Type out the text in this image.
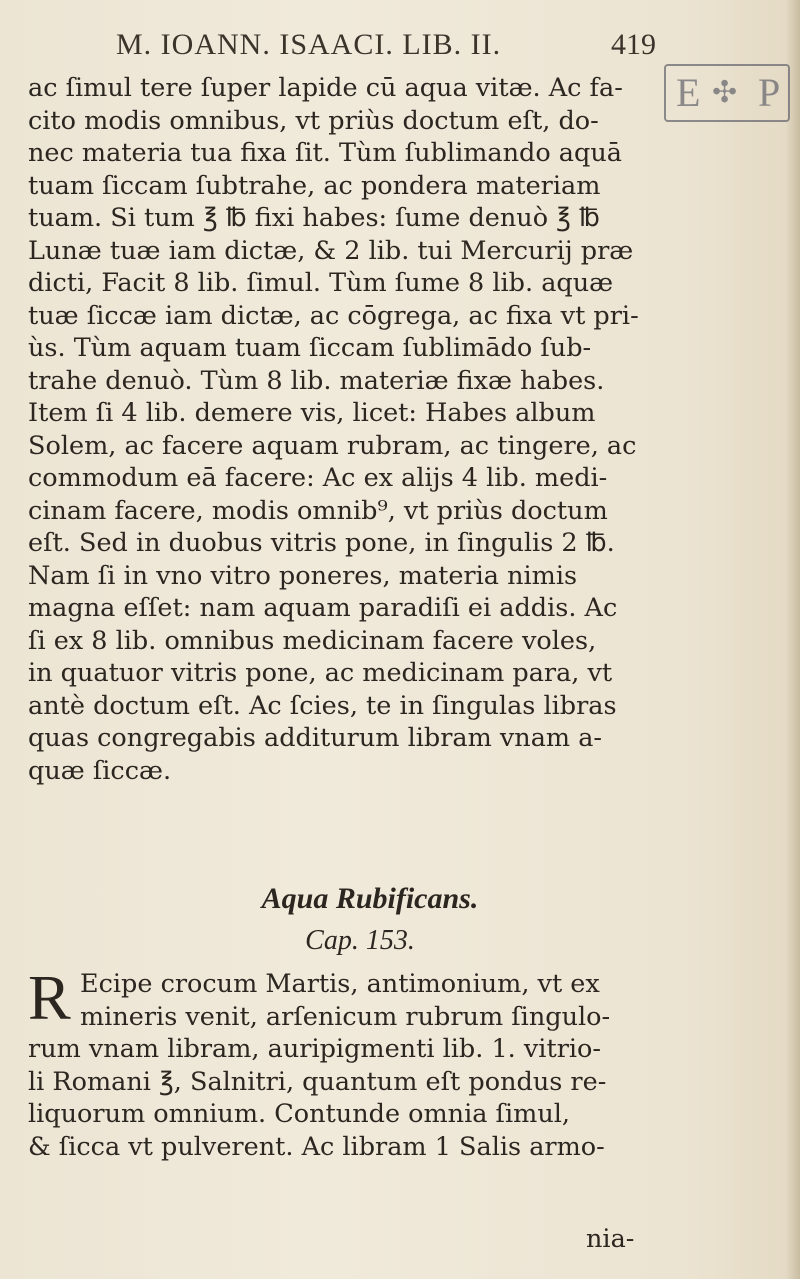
M. IOANN. ISAACI. LIB. II.	419
E ✣ P
ac ſimul tere ſuper lapide cū aqua vitæ. Ac fa-
cito modis omnibus, vt priùs doctum eſt, do-
nec materia tua fixa ſit. Tùm ſublimando aquā
tuam ſiccam ſubtrahe, ac pondera materiam
tuam. Si tum ℥ ℔ fixi habes: ſume denuò ℥ ℔
Lunæ tuæ iam dictæ, & 2 lib. tui Mercurij præ
dicti, Facit 8 lib. ſimul. Tùm ſume 8 lib. aquæ
tuæ ſiccæ iam dictæ, ac cōgrega, ac fixa vt pri-
ùs. Tùm aquam tuam ſiccam ſublimādo ſub-
trahe denuò. Tùm 8 lib. materiæ fixæ habes.
Item ſi 4 lib. demere vis, licet: Habes album
Solem, ac facere aquam rubram, ac tingere, ac
commodum eā facere: Ac ex alijs 4 lib. medi-
cinam facere, modis omnib⁹, vt priùs doctum
eſt. Sed in duobus vitris pone, in ſingulis 2 ℔.
Nam ſi in vno vitro poneres, materia nimis
magna eſſet: nam aquam paradiſi ei addis. Ac
ſi ex 8 lib. omnibus medicinam facere voles,
in quatuor vitris pone, ac medicinam para, vt
antè doctum eſt. Ac ſcies, te in ſingulas libras
quas congregabis additurum libram vnam a-
quæ ſiccæ.
Aqua Rubificans.
Cap. 153.
R Ecipe crocum Martis, antimonium, vt ex
mineris venit, arſenicum rubrum ſingulo-
rum vnam libram, auripigmenti lib. 1. vitrio-
li Romani ℥, Salnitri, quantum eſt pondus re-
liquorum omnium. Contunde omnia ſimul,
& ſicca vt pulverent. Ac libram 1 Salis armo-
nia-
